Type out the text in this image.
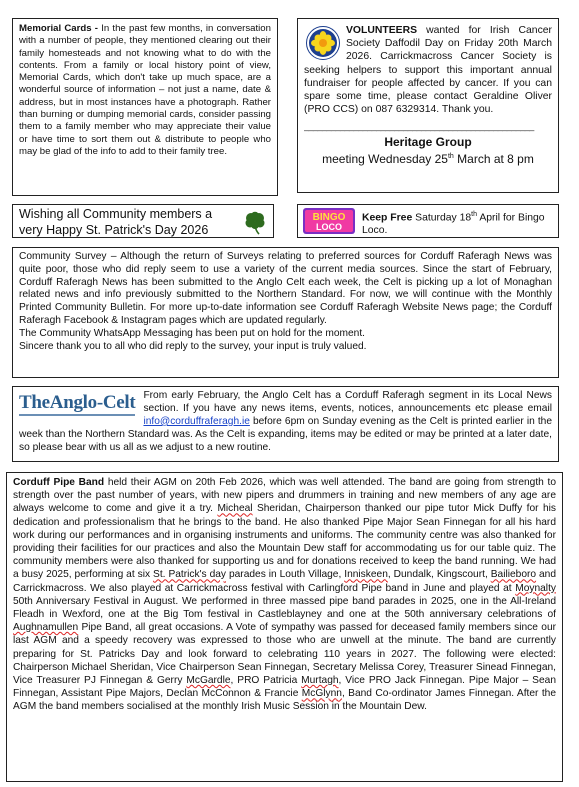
Memorial Cards - In the past few months, in conversation with a number of people, they mentioned clearing out their family homesteads and not knowing what to do with the contents. From a family or local history point of view, Memorial Cards, which don't take up much space, are a wonderful source of information – not just a name, date & address, but in most instances have a photograph. Rather than burning or dumping memorial cards, consider passing them to a family member who may appreciate their value or have time to sort them out & distribute to people who may be glad of the info to add to their family tree.
VOLUNTEERS wanted for Irish Cancer Society Daffodil Day on Friday 20th March 2026. Carrickmacross Cancer Society is seeking helpers to support this important annual fundraiser for people affected by cancer. If you can spare some time, please contact Geraldine Oliver (PRO CCS) on 087 6329314. Thank you.
___________________________________________________
Heritage Group
meeting Wednesday 25th March at 8 pm
Wishing all Community members a very Happy St. Patrick's Day 2026
BINGO
LOCO
Keep Free Saturday 18th April for Bingo Loco.
Community Survey – Although the return of Surveys relating to preferred sources for Corduff Raferagh News was quite poor, those who did reply seem to use a variety of the current media sources. Since the start of February, Corduff Raferagh News has been submitted to the Anglo Celt each week, the Celt is picking up a lot of Monaghan related news and info previously submitted to the Northern Standard. For now, we will continue with the Monthly Printed Community Bulletin. For more up-to-date information see Corduff Raferagh Website News page; the Corduff Raferagh Facebook & Instagram pages which are updated regularly.
The Community WhatsApp Messaging has been put on hold for the moment.
Sincere thank you to all who did reply to the survey, your input is truly valued.
TheAnglo-Celt From early February, the Anglo Celt has a Corduff Raferagh segment in its Local News section. If you have any news items, events, notices, announcements etc please email info@corduffraferagh.ie before 6pm on Sunday evening as the Celt is printed earlier in the week than the Northern Standard was. As the Celt is expanding, items may be edited or may be printed at a later date, so please bear with us all as we adjust to a new routine.
Corduff Pipe Band held their AGM on 20th Feb 2026, which was well attended. The band are going from strength to strength over the past number of years, with new pipers and drummers in training and new members of any age are always welcome to come and give it a try. Micheal Sheridan, Chairperson thanked our pipe tutor Mick Duffy for his dedication and professionalism that he brings to the band. He also thanked Pipe Major Sean Finnegan for all his hard work during our performances and in organising instruments and uniforms. The community centre was also thanked for providing their facilities for our practices and also the Mountain Dew staff for accommodating us for our table quiz. The community members were also thanked for supporting us and for donations received to keep the band running. We had a busy 2025, performing at six St. Patrick's day parades in Louth Village, Inniskeen, Dundalk, Kingscourt, Bailieboro and Carrickmacross. We also played at Carrickmacross festival with Carlingford Pipe band in June and played at Moynalty 50th Anniversary Festival in August. We performed in three massed pipe band parades in 2025, one in the All-Ireland Fleadh in Wexford, one at the Big Tom festival in Castleblayney and one at the 50th anniversary celebrations of Aughnamullen Pipe Band, all great occasions. A Vote of sympathy was passed for deceased family members since our last AGM and a speedy recovery was expressed to those who are unwell at the minute. The band are currently preparing for St. Patricks Day and look forward to celebrating 110 years in 2027. The following were elected: Chairperson Michael Sheridan, Vice Chairperson Sean Finnegan, Secretary Melissa Corey, Treasurer Sinead Finnegan, Vice Treasurer PJ Finnegan & Gerry McGardle, PRO Patricia Murtagh, Vice PRO Jack Finnegan. Pipe Major – Sean Finnegan, Assistant Pipe Majors, Declan McConnon & Francie McGlynn, Band Co-ordinator James Finnegan. After the AGM the band members socialised at the monthly Irish Music Session in the Mountain Dew.
